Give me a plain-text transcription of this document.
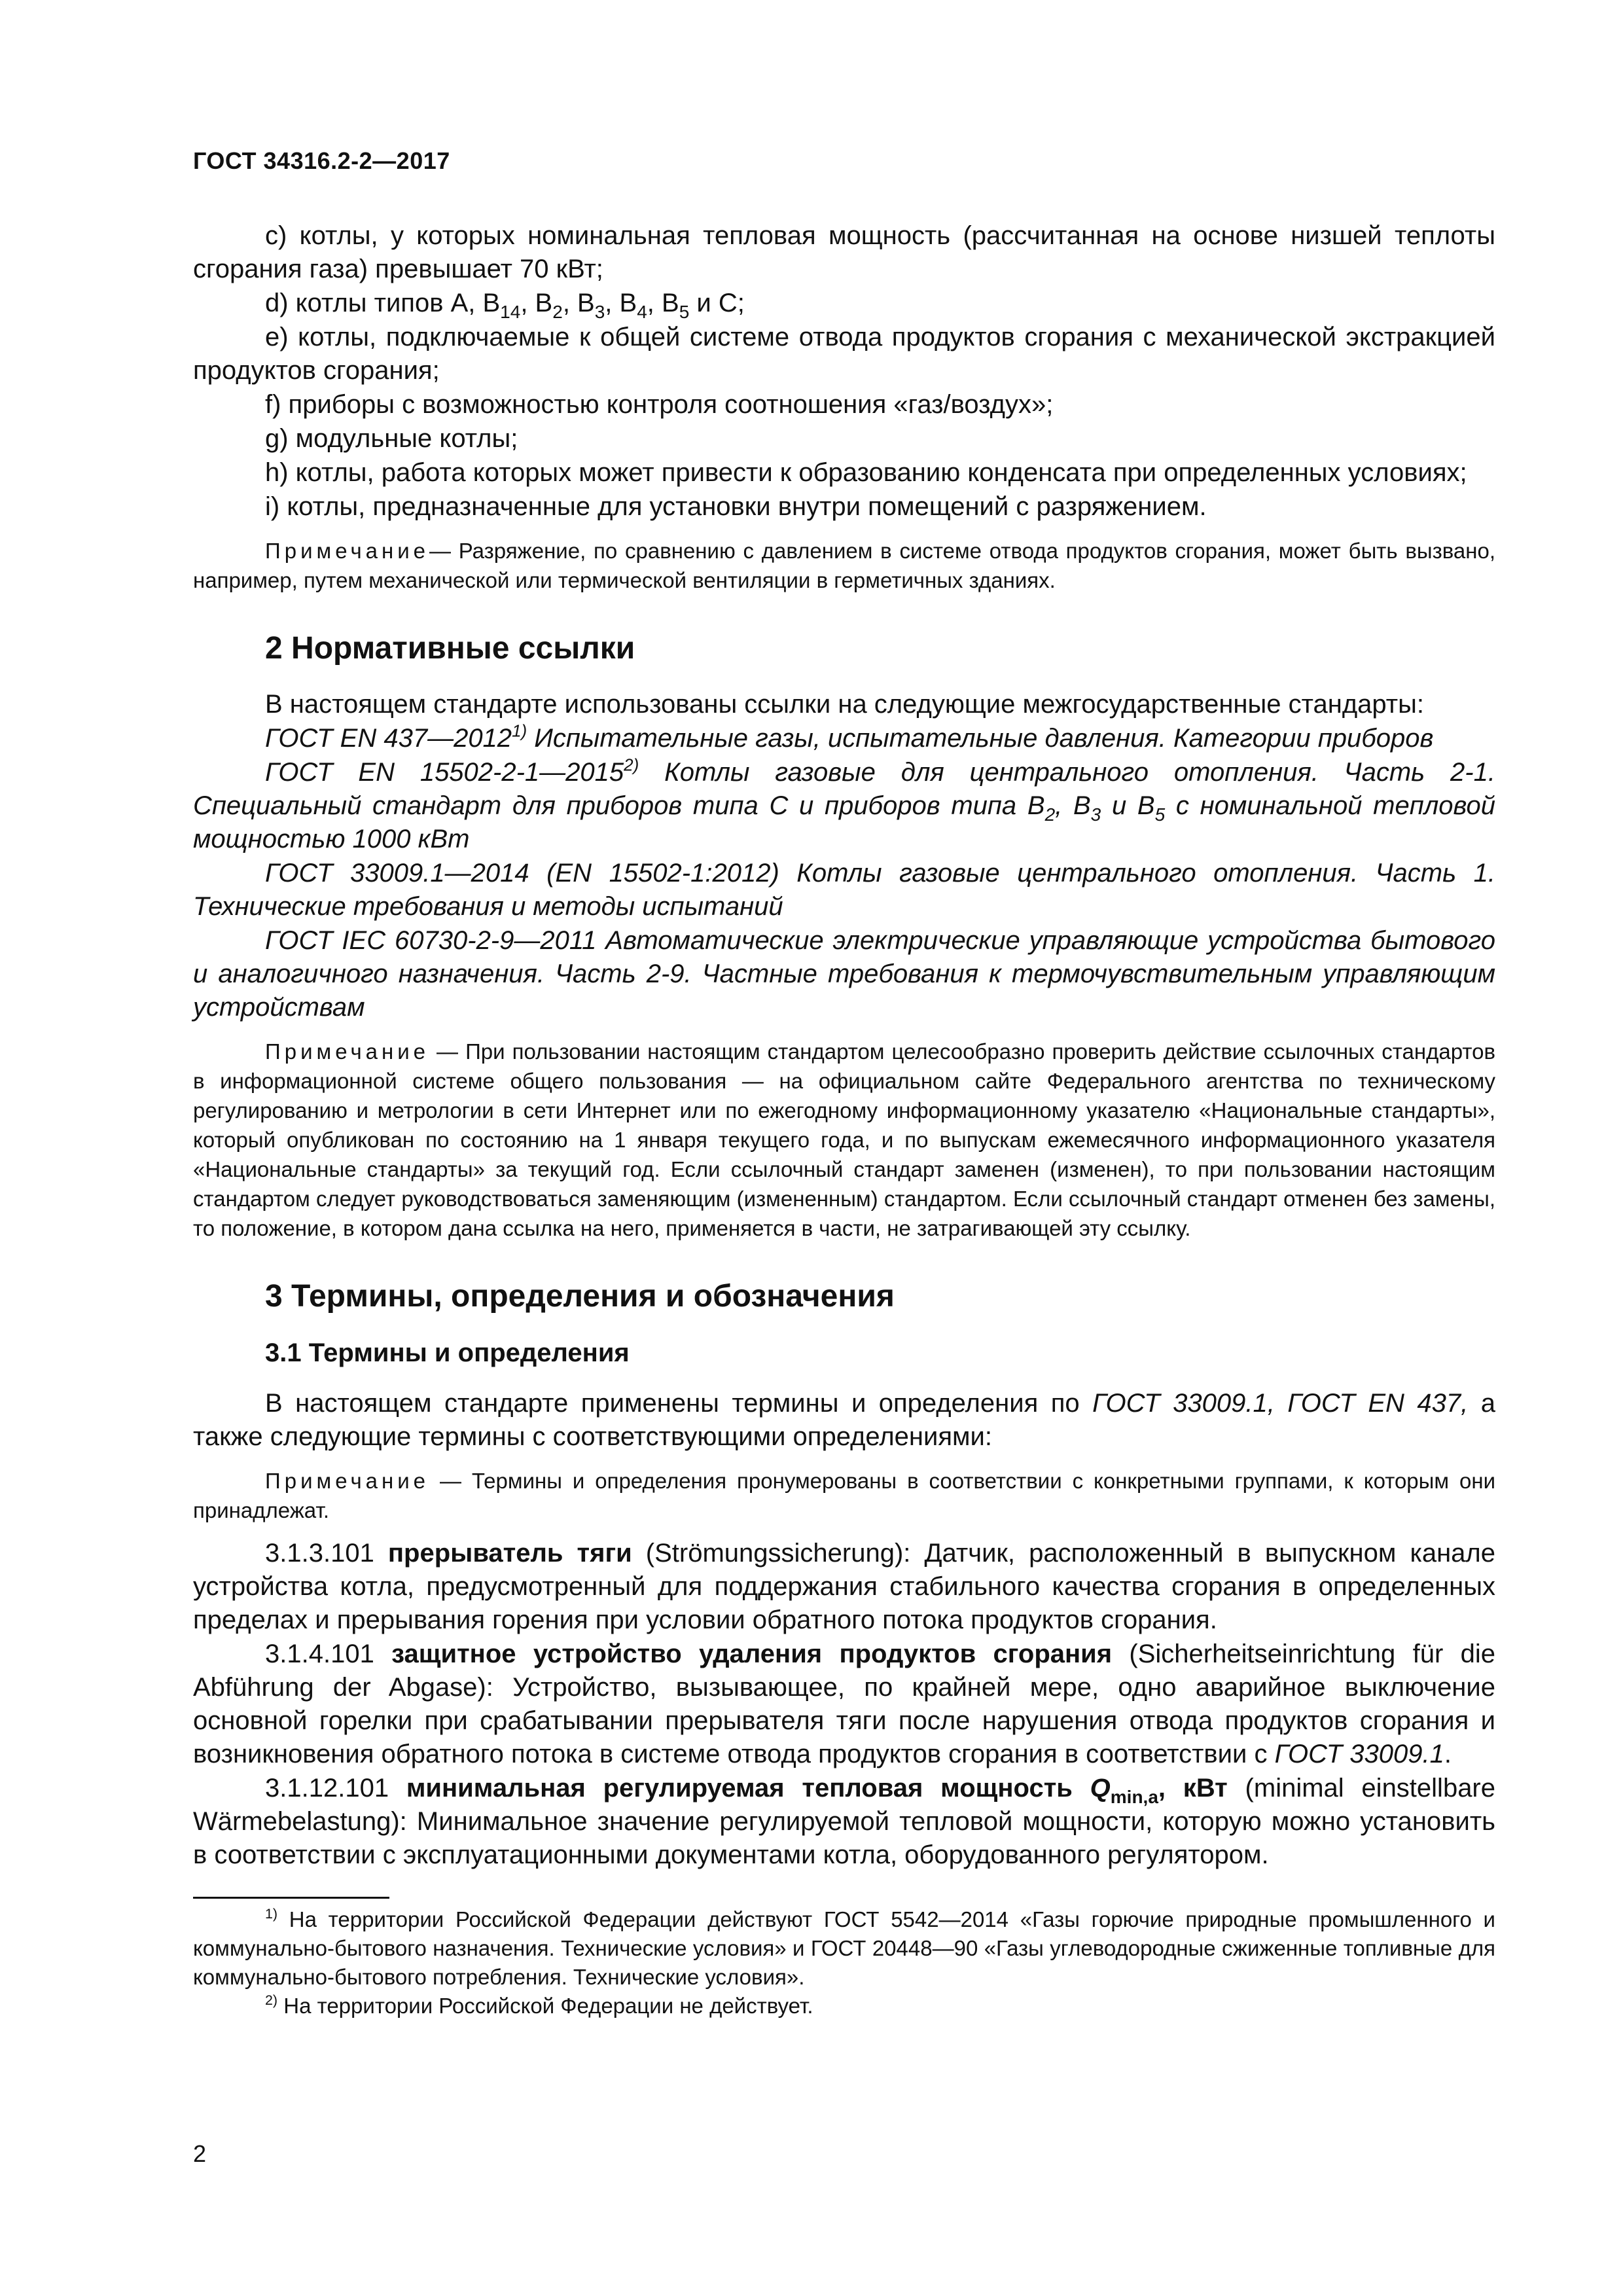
ГОСТ 34316.2-2—2017

c) котлы, у которых номинальная тепловая мощность (рассчитанная на основе низшей теплоты сгорания газа) превышает 70 кВт;

d) котлы типов А, $В_{14}$, $В_2$, $В_3$, $В_4$, $В_5$ и С;

е) котлы, подключаемые к общей системе отвода продуктов сгорания с механической экстракцией продуктов сгорания;

f) приборы с возможностью контроля соотношения «газ/воздух»;

g) модульные котлы;

h) котлы, работа которых может привести к образованию конденсата при определенных условиях;

i) котлы, предназначенные для установки внутри помещений с разряжением.

Примечание— Разряжение, по сравнению с давлением в системе отвода продуктов сгорания, может быть вызвано, например, путем механической или термической вентиляции в герметичных зданиях.

2 Нормативные ссылки

В настоящем стандарте использованы ссылки на следующие межгосударственные стандарты:

ГОСТ EN 437—2012$^{1)}$ Испытательные газы, испытательные давления. Категории приборов

ГОСТ EN 15502-2-1—2015$^{2)}$ Котлы газовые для центрального отопления. Часть 2-1. Специальный стандарт для приборов типа С и приборов типа $В_2$, $В_3$ и $В_5$ с номинальной тепловой мощностью 1000 кВт

ГОСТ 33009.1—2014 (EN 15502-1:2012) Котлы газовые центрального отопления. Часть 1. Технические требования и методы испытаний

ГОСТ IEC 60730-2-9—2011 Автоматические электрические управляющие устройства бытового и аналогичного назначения. Часть 2-9. Частные требования к термочувствительным управляющим устройствам

Примечание — При пользовании настоящим стандартом целесообразно проверить действие ссылочных стандартов в информационной системе общего пользования — на официальном сайте Федерального агентства по техническому регулированию и метрологии в сети Интернет или по ежегодному информационному указателю «Национальные стандарты», который опубликован по состоянию на 1 января текущего года, и по выпускам ежемесячного информационного указателя «Национальные стандарты» за текущий год. Если ссылочный стандарт заменен (изменен), то при пользовании настоящим стандартом следует руководствоваться заменяющим (измененным) стандартом. Если ссылочный стандарт отменен без замены, то положение, в котором дана ссылка на него, применяется в части, не затрагивающей эту ссылку.

3 Термины, определения и обозначения
3.1 Термины и определения

В настоящем стандарте применены термины и определения по ГОСТ 33009.1, ГОСТ EN 437, а также следующие термины с соответствующими определениями:

Примечание — Термины и определения пронумерованы в соответствии с конкретными группами, к которым они принадлежат.

3.1.3.101 прерыватель тяги (Strömungssicherung): Датчик, расположенный в выпускном канале устройства котла, предусмотренный для поддержания стабильного качества сгорания в определенных пределах и прерывания горения при условии обратного потока продуктов сгорания.

3.1.4.101 защитное устройство удаления продуктов сгорания (Sicherheitseinrichtung für die Abführung der Abgase): Устройство, вызывающее, по крайней мере, одно аварийное выключение основной горелки при срабатывании прерывателя тяги после нарушения отвода продуктов сгорания и возникновения обратного потока в системе отвода продуктов сгорания в соответствии с ГОСТ 33009.1.

3.1.12.101 минимальная регулируемая тепловая мощность $Q_{min,a}$, кВт (minimal einstellbare Wärmebelastung): Минимальное значение регулируемой тепловой мощности, которую можно установить в соответствии с эксплуатационными документами котла, оборудованного регулятором.

$^{1)}$ На территории Российской Федерации действуют ГОСТ 5542—2014 «Газы горючие природные промышленного и коммунально-бытового назначения. Технические условия» и ГОСТ 20448—90 «Газы углеводородные сжиженные топливные для коммунально-бытового потребления. Технические условия».

$^{2)}$ На территории Российской Федерации не действует.

2
